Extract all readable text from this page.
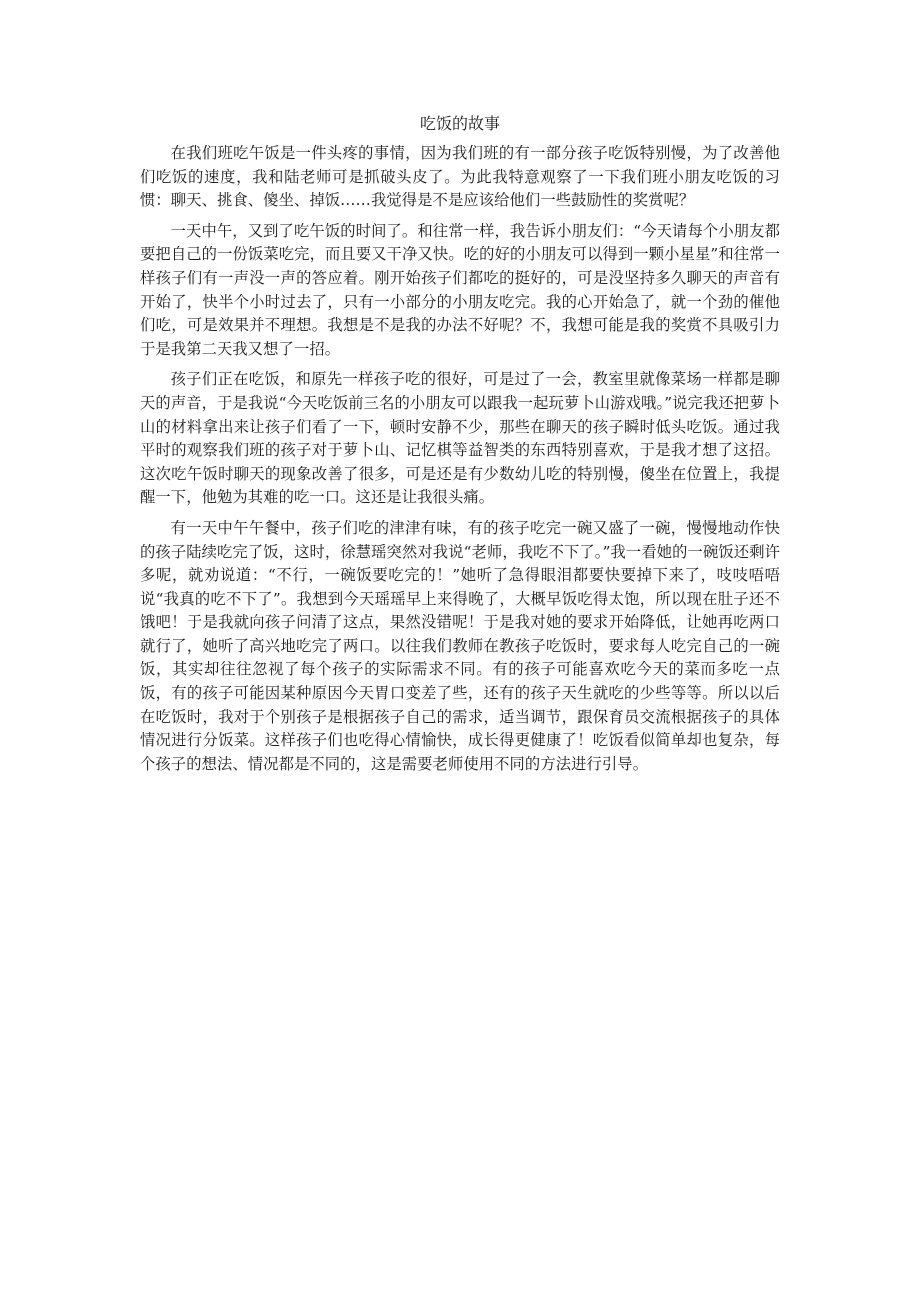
吃饭的故事

在我们班吃午饭是一件头疼的事情，因为我们班的有一部分孩子吃饭特别慢，为了改善他们吃饭的速度，我和陆老师可是抓破头皮了。为此我特意观察了一下我们班小朋友吃饭的习惯：聊天、挑食、傻坐、掉饭……我觉得是不是应该给他们一些鼓励性的奖赏呢？

一天中午，又到了吃午饭的时间了。和往常一样，我告诉小朋友们：“今天请每个小朋友都要把自己的一份饭菜吃完，而且要又干净又快。吃的好的小朋友可以得到一颗小星星”和往常一样孩子们有一声没一声的答应着。刚开始孩子们都吃的挺好的，可是没坚持多久聊天的声音有开始了，快半个小时过去了，只有一小部分的小朋友吃完。我的心开始急了，就一个劲的催他们吃，可是效果并不理想。我想是不是我的办法不好呢？不，我想可能是我的奖赏不具吸引力于是我第二天我又想了一招。

孩子们正在吃饭，和原先一样孩子吃的很好，可是过了一会，教室里就像菜场一样都是聊天的声音，于是我说“今天吃饭前三名的小朋友可以跟我一起玩萝卜山游戏哦。”说完我还把萝卜山的材料拿出来让孩子们看了一下，顿时安静不少，那些在聊天的孩子瞬时低头吃饭。通过我平时的观察我们班的孩子对于萝卜山、记忆棋等益智类的东西特别喜欢，于是我才想了这招。这次吃午饭时聊天的现象改善了很多，可是还是有少数幼儿吃的特别慢，傻坐在位置上，我提醒一下，他勉为其难的吃一口。这还是让我很头痛。

有一天中午午餐中，孩子们吃的津津有味，有的孩子吃完一碗又盛了一碗，慢慢地动作快的孩子陆续吃完了饭，这时，徐慧瑶突然对我说“老师，我吃不下了。”我一看她的一碗饭还剩许多呢，就劝说道：“不行，一碗饭要吃完的！”她听了急得眼泪都要快要掉下来了，吱吱唔唔说“我真的吃不下了”。我想到今天瑶瑶早上来得晚了，大概早饭吃得太饱，所以现在肚子还不饿吧！于是我就向孩子问清了这点，果然没错呢！于是我对她的要求开始降低，让她再吃两口就行了，她听了高兴地吃完了两口。以往我们教师在教孩子吃饭时，要求每人吃完自己的一碗饭，其实却往往忽视了每个孩子的实际需求不同。有的孩子可能喜欢吃今天的菜而多吃一点饭，有的孩子可能因某种原因今天胃口变差了些，还有的孩子天生就吃的少些等等。所以以后在吃饭时，我对于个别孩子是根据孩子自己的需求，适当调节，跟保育员交流根据孩子的具体情况进行分饭菜。这样孩子们也吃得心情愉快，成长得更健康了！吃饭看似简单却也复杂，每个孩子的想法、情况都是不同的，这是需要老师使用不同的方法进行引导。
